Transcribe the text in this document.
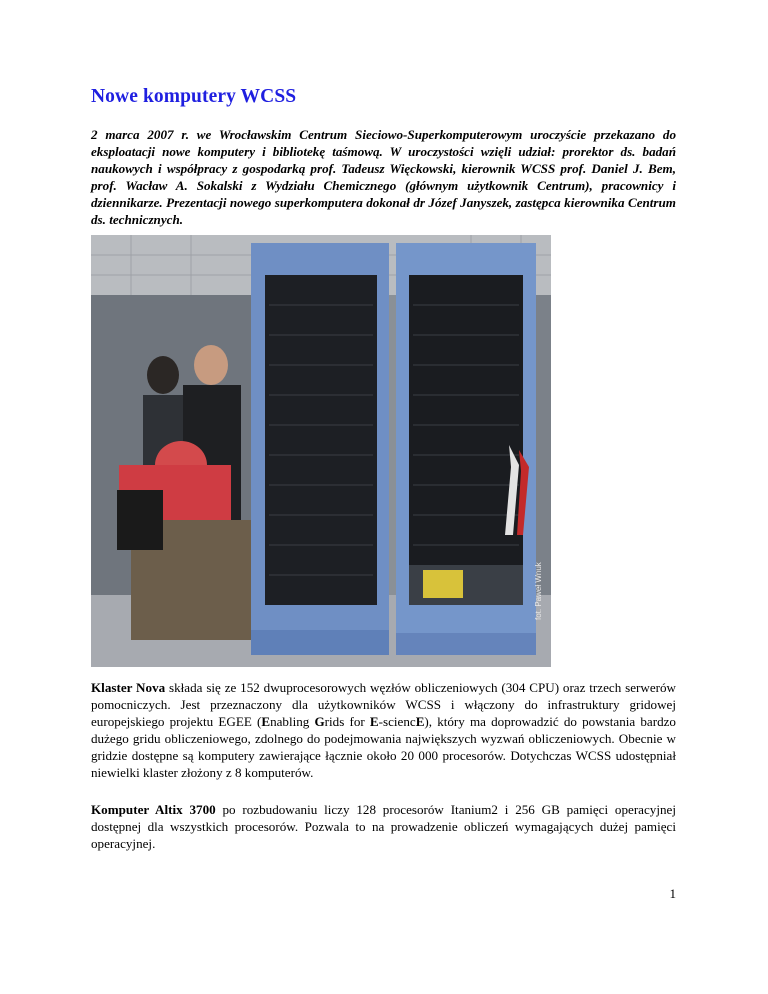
Nowe komputery WCSS

2 marca 2007 r. we Wrocławskim Centrum Sieciowo-Superkomputerowym uroczyście przekazano do eksploatacji nowe komputery i bibliotekę taśmową. W uroczystości wzięli udział: prorektor ds. badań naukowych i współpracy z gospodarką prof. Tadeusz Więckowski, kierownik WCSS prof. Daniel J. Bem, prof. Wacław A. Sokalski z Wydziału Chemicznego (głównym użytkownik Centrum), pracownicy i dziennikarze. Prezentacji nowego superkomputera dokonał dr Józef Janyszek, zastępca kierownika Centrum ds. technicznych.

fot. Paweł Wnuk

Klaster Nova składa się ze 152 dwuprocesorowych węzłów obliczeniowych (304 CPU) oraz trzech serwerów pomocniczych. Jest przeznaczony dla użytkowników WCSS i włączony do infrastruktury gridowej europejskiego projektu EGEE (Enabling Grids for E-sciencE), który ma doprowadzić do powstania bardzo dużego gridu obliczeniowego, zdolnego do podejmowania największych wyzwań obliczeniowych. Obecnie w gridzie dostępne są komputery zawierające łącznie około 20 000 procesorów. Dotychczas WCSS udostępniał niewielki klaster złożony z 8 komputerów.

Komputer Altix 3700 po rozbudowaniu liczy 128 procesorów Itanium2 i 256 GB pamięci operacyjnej dostępnej dla wszystkich procesorów. Pozwala to na prowadzenie obliczeń wymagających dużej pamięci operacyjnej.

1
